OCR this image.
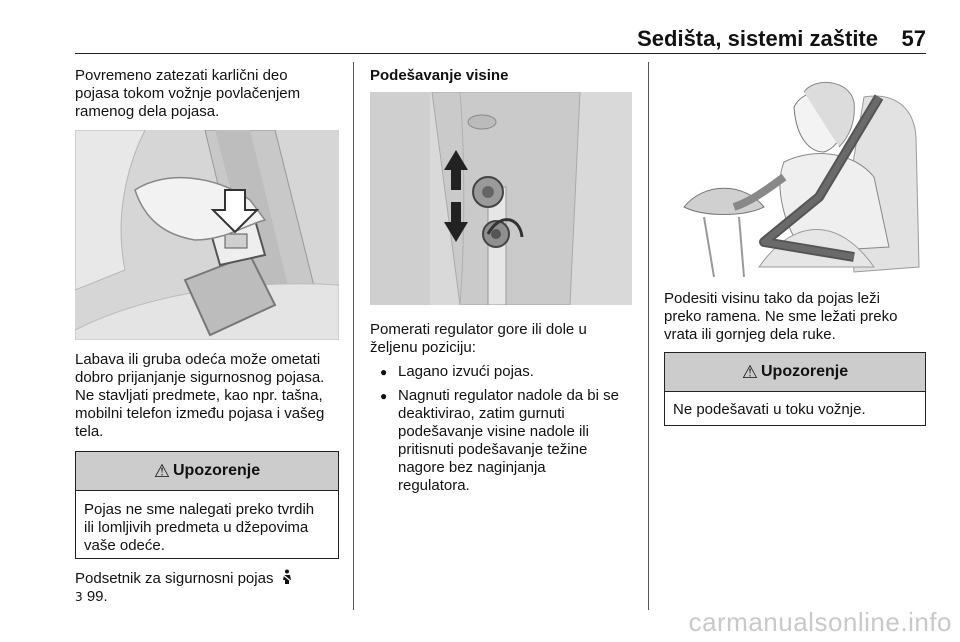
Sedišta, sistemi zaštite 57

Povremeno zatezati karlični deo

pojasa tokom vožnje povlačenjem

ramenog dela pojasa.

Labava ili gruba odeća može ometati

dobro prijanjanje sigurnosnog pojasa.

Ne stavljati predmete, kao npr. tašna,

mobilni telefon između pojasa i vašeg

tela.

⚠ Upozorenje
Pojas ne sme nalegati preko tvrdih
ili lomljivih predmeta u džepovima
vaše odeće.

Podsetnik za sigurnosni pojas

3 99.

Podešavanje visine

Pomerati regulator gore ili dole u

željenu poziciju:

● Lagano izvući pojas.
● Nagnuti regulator nadole da bi se
deaktivirao, zatim gurnuti
podešavanje visine nadole ili
pritisnuti podešavanje težine
nagore bez naginjanja
regulatora.

Podesiti visinu tako da pojas leži

preko ramena. Ne sme ležati preko

vrata ili gornjeg dela ruke.

⚠ Upozorenje
Ne podešavati u toku vožnje.
carmanualsonline.info
